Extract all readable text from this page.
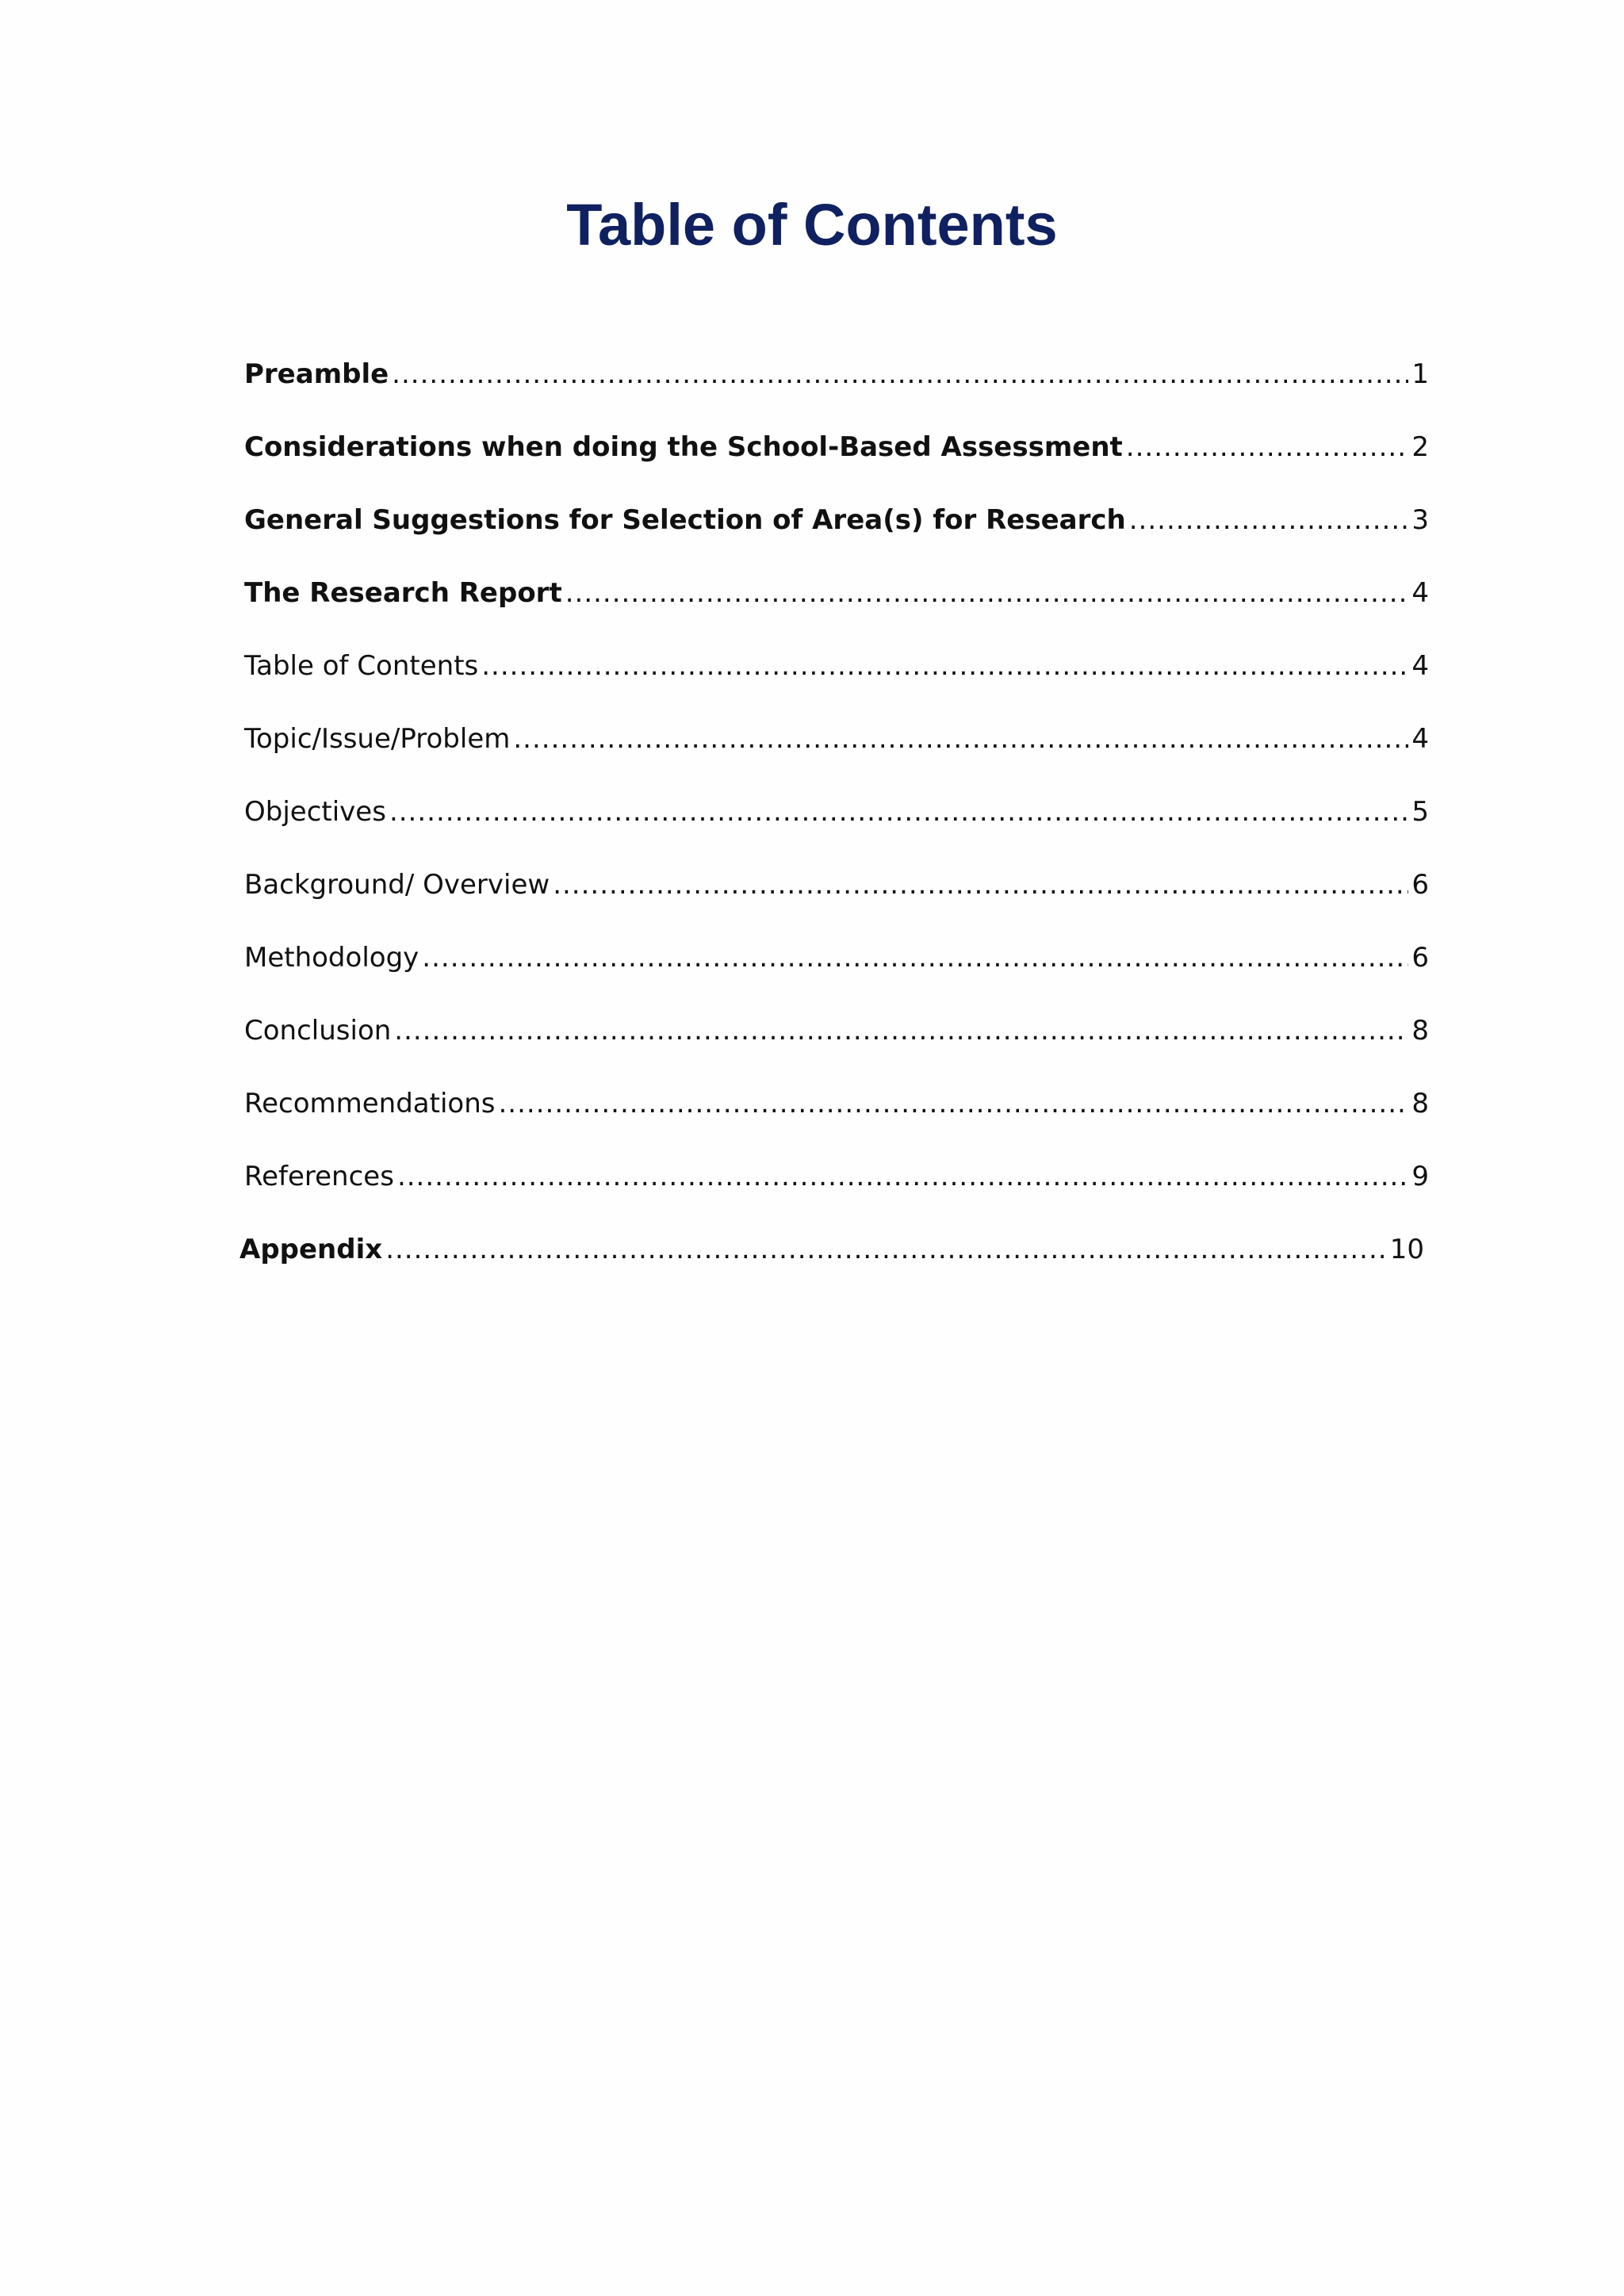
Table of Contents
Preamble .....	1
Considerations when doing the School-Based Assessment .....	2
General Suggestions for Selection of Area(s) for Research .....	3
The Research Report .....	4
Table of Contents .....	4
Topic/Issue/Problem .....	4
Objectives .....	5
Background/ Overview .....	6
Methodology .....	6
Conclusion .....	8
Recommendations .....	8
References .....	9
Appendix .....	10
